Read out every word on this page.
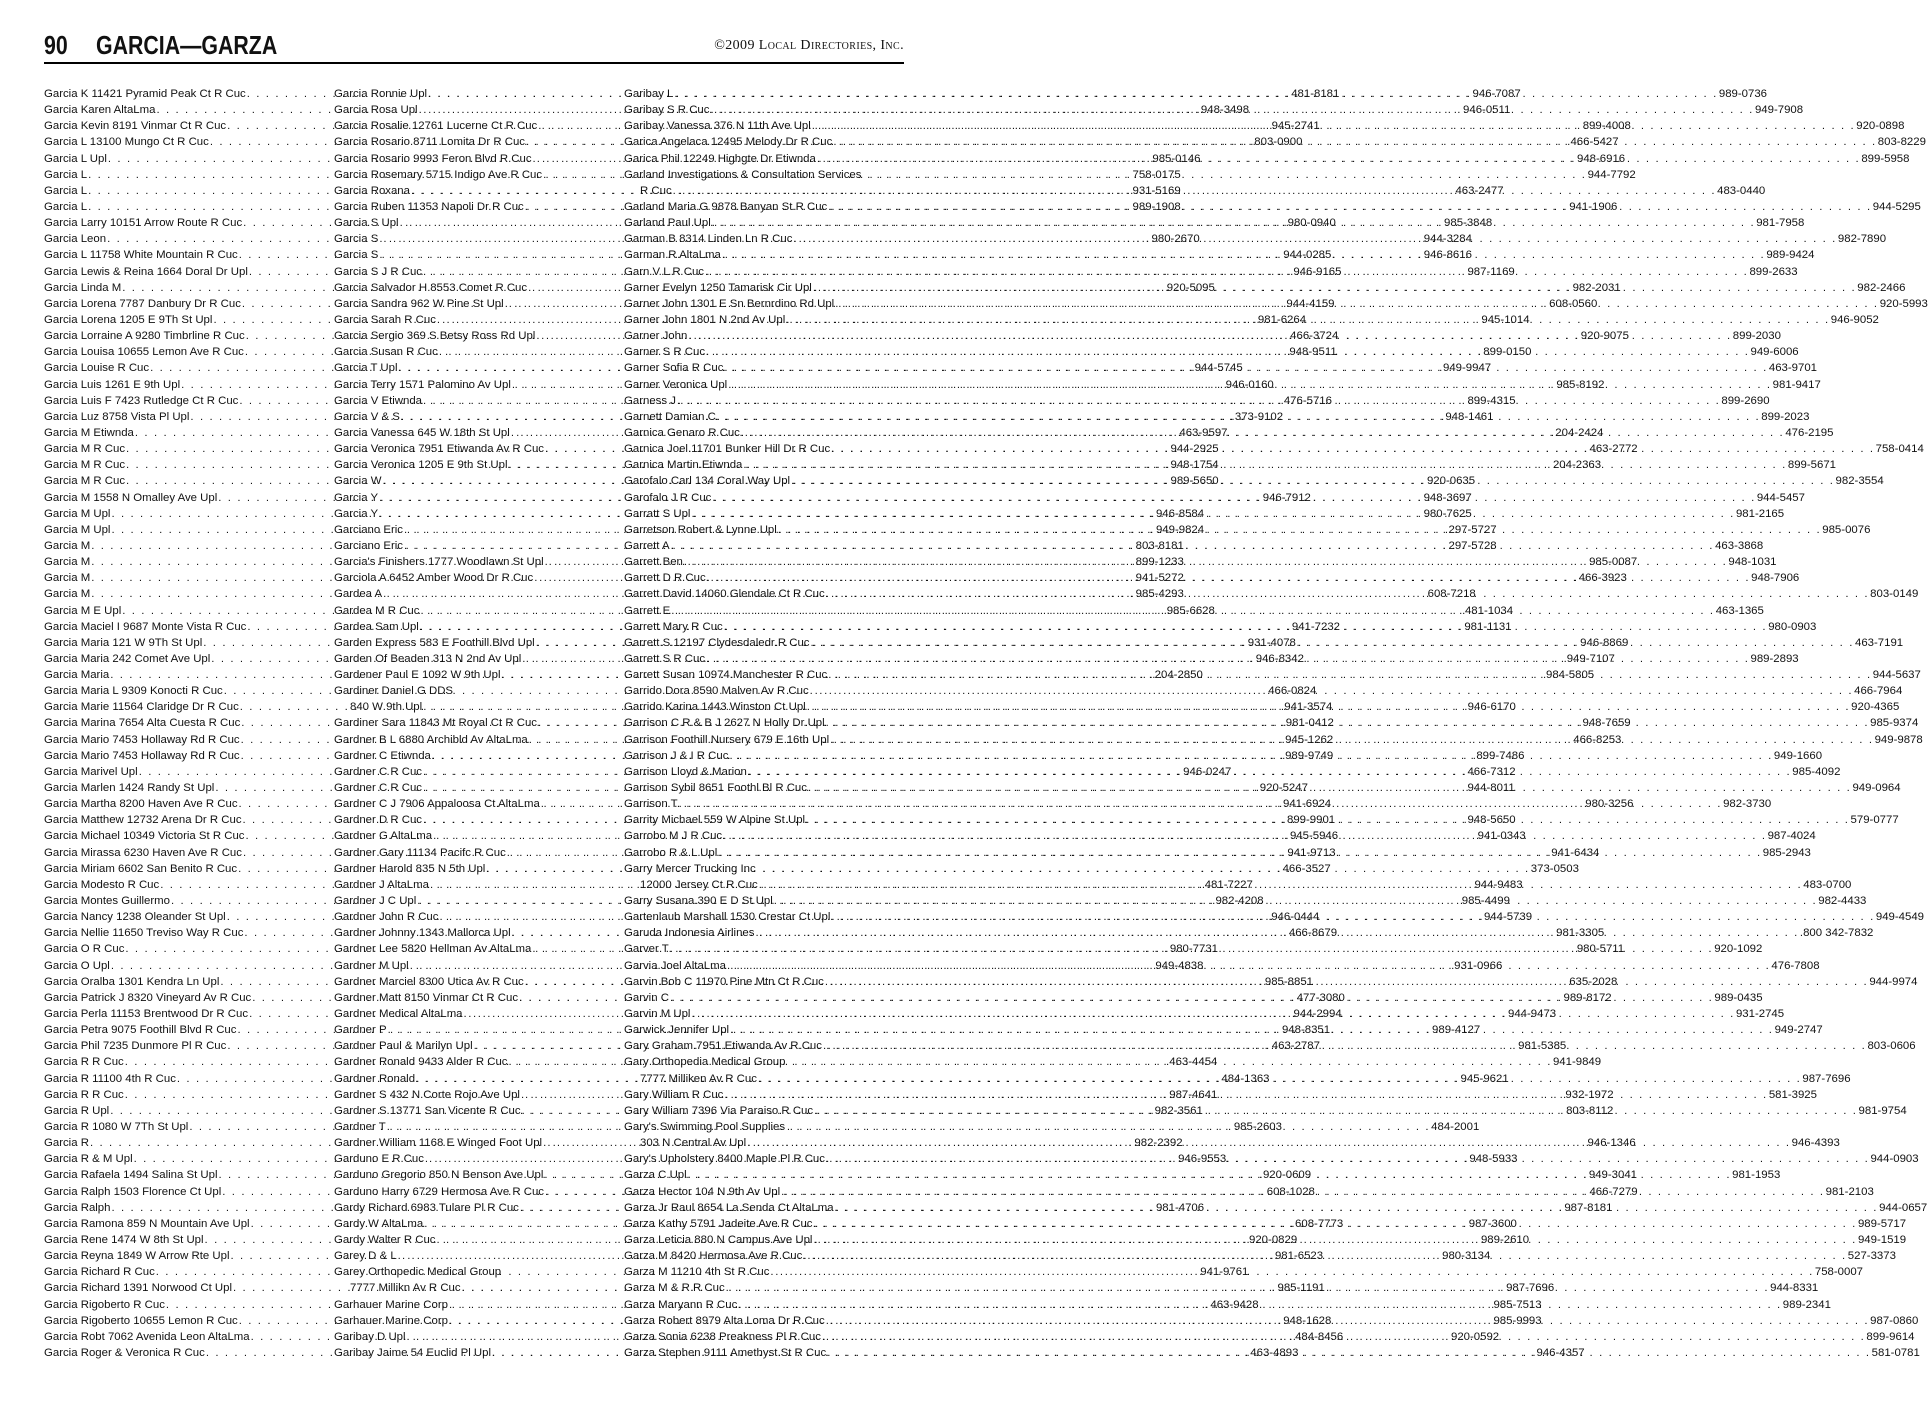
90 GARCIA—GARZA	©2009 Local Directories, Inc.
Garcia K 11421 Pyramid Peak Ct R Cuc . . .	481-8181
Garcia Karen AltaLma . . .	948-3498
Garcia Kevin 8191 Vinmar Ct R Cuc . . .	945-2741
Garcia L 13100 Mungo Ct R Cuc . . .	803-0900
Garcia L Upl . . .	985-0146
Garcia L . . .	758-0175
Garcia L . . .	931-5169
Garcia L . . .	989-1908
Garcia Larry 10151 Arrow Route R Cuc . . .	980-0940
Garcia Leon . . .	980-2670
Garcia L 11758 White Mountain R Cuc . . .	944-0285
Garcia Lewis & Reina 1664 Doral Dr Upl . . .	946-9165
Garcia Linda M . . .	920-5095
Garcia Lorena 7787 Danbury Dr R Cuc . . .	944-4159
Garcia Lorena 1205 E 9Th St Upl . . .	981-6264
Garcia Lorraine A 9280 Timbrline R Cuc . . .	466-3724
Garcia Louisa 10655 Lemon Ave R Cuc . . .	948-9511
Garcia Louise R Cuc . . .	944-5745
Garcia Luis 1261 E 9th Upl . . .	946-0160
Garcia Luis F 7423 Rutledge Ct R Cuc . . .	476-5716
Garcia Luz 8758 Vista Pl Upl . . .	373-9102
Garcia M Etiwnda . . .	463-9597
Garcia M R Cuc . . .	944-2925
Garcia M R Cuc . . .	948-1754
Garcia M R Cuc . . .	989-5650
Garcia M 1558 N Omalley Ave Upl . . .	946-7912
Garcia M Upl . . .	946-8584
Garcia M Upl . . .	949-9824
Garcia M . . .	803-8181
Garcia M . . .	899-1233
Garcia M . . .	941-5272
Garcia M . . .	985-4293
Garcia M E Upl . . .	985-6628
Garcia Maciel I 9687 Monte Vista R Cuc . . .	941-7232
Garcia Maria 121 W 9Th St Upl . . .	931-4078
Garcia Maria 242 Comet Ave Upl . . .	946-8342
Garcia Maria . . .	204-2850
Garcia Maria L 9309 Konocti R Cuc . . .	466-0824
Garcia Marie 11564 Claridge Dr R Cuc . . .	941-3574
Garcia Marina 7654 Alta Cuesta R Cuc . . .	981-0412
Garcia Mario 7453 Hollaway Rd R Cuc . . .	945-1262
Garcia Mario 7453 Hollaway Rd R Cuc . . .	989-9749
Garcia Marivel Upl . . .	946-0247
Garcia Marlen 1424 Randy St Upl . . .	920-5247
Garcia Martha 8200 Haven Ave R Cuc . . .	941-6924
Garcia Matthew 12732 Arena Dr R Cuc . . .	899-9901
Garcia Michael 10349 Victoria St R Cuc . . .	945-5946
Garcia Mirassa 6230 Haven Ave R Cuc . . .	941-9713
Garcia Miriam 6602 San Benito R Cuc . . .	466-3527
Garcia Modesto R Cuc . . .	481-7227
Garcia Montes Guillermo . . .	982-4208
Garcia Nancy 1238 Oleander St Upl . . .	946-0444
Garcia Nellie 11650 Treviso Way R Cuc . . .	466-8679
Garcia O R Cuc . . .	980-7731
Garcia O Upl . . .	949-4838
Garcia Oralba 1301 Kendra Ln Upl . . .	985-8851
Garcia Patrick J 8320 Vineyard Av R Cuc . . .	477-3080
Garcia Perla 11153 Brentwood Dr R Cuc . . .	944-2994
Garcia Petra 9075 Foothill Blvd R Cuc . . .	948-8351
Garcia Phil 7235 Dunmore Pl R Cuc . . .	463-2787
Garcia R R Cuc . . .	463-4454
Garcia R 11100 4th R Cuc . . .	484-1363
Garcia R R Cuc . . .	987-4641
Garcia R Upl . . .	982-3561
Garcia R 1080 W 7Th St Upl . . .	985-2603
Garcia R . . .	982-2392
Garcia R & M Upl . . .	946-9553
Garcia Rafaela 1494 Salina St Upl . . .	920-0609
Garcia Ralph 1503 Florence Ct Upl . . .	608-1028
Garcia Ralph . . .	981-4706
Garcia Ramona 859 N Mountain Ave Upl . . .	608-7773
Garcia Rene 1474 W 8th St Upl . . .	920-0829
Garcia Reyna 1849 W Arrow Rte Upl . . .	981-6523
Garcia Richard R Cuc . . .	941-9761
Garcia Richard 1391 Norwood Ct Upl . . .	985-1191
Garcia Rigoberto R Cuc . . .	463-9428
Garcia Rigoberto 10655 Lemon R Cuc . . .	948-1628
Garcia Robt 7062 Avenida Leon AltaLma . . .	484-8456
Garcia Roger & Veronica R Cuc . . .	463-4893
Garcia Ronnie Upl . . .	946-7087
Garcia Rosa Upl . . .	946-0511
Garcia Rosalie 12761 Lucerne Ct R Cuc . . .	899-4008
Garcia Rosario 8711 Lomita Dr R Cuc . . .	466-5427
Garcia Rosario 9993 Feron Blvd R Cuc . . .	948-6916
Garcia Rosemary 5715 Indigo Ave R Cuc . . .	944-7792
Garcia Roxana . . .	463-2477
Garcia Ruben 11353 Napoli Dr R Cuc . . .	941-1906
Garcia S Upl . . .	985-3848
Garcia S . . .	944-3284
Garcia S . . .	946-8616
Garcia S J R Cuc . . .	987-1169
Garcia Salvador H 8553 Comet R Cuc . . .	982-2031
Garcia Sandra 962 W Pine St Upl . . .	608-0560
Garcia Sarah R Cuc . . .	945-1014
Garcia Sergio 369 S Betsy Ross Rd Upl . . .	920-9075
Garcia Susan R Cuc . . .	899-0150
Garcia T Upl . . .	949-9947
Garcia Terry 1571 Palomino Av Upl . . .	985-8192
Garcia V Etiwnda . . .	899-4315
Garcia V & S . . .	948-1461
Garcia Vanessa 645 W 18th St Upl . . .	204-2424
Garcia Veronica 7951 Etiwanda Av R Cuc . . .	463-2772
Garcia Veronica 1205 E 9th St Upl . . .	204-2363
Garcia W . . .	920-0635
Garcia Y . . .	948-3697
Garcia Y . . .	980-7625
Garciano Eric . . .	297-5727
Garciano Eric . . .	297-5728
Garcia's Finishers 1777 Woodlawn St Upl . . .	985-0087
Garciola A 6452 Amber Wood Dr R Cuc . . .	466-3923
Gardea A . . .	608-7218
Gardea M R Cuc . . .	481-1034
Gardea Sam Upl . . .	981-1131
Garden Express 583 E Foothill Blvd Upl . . .	946-8869
Garden Of Beaden 313 N 2nd Av Upl . . .	949-7107
Gardener Paul E 1092 W 9th Upl . . .	984-5805
Gardiner Daniel G DDS
840 W 9th Upl . . .	946-6170
Gardiner Sara 11843 Mt Royal Ct R Cuc . . .	948-7659
Gardner B L 6880 Archibld Av AltaLma . . .	466-8253
Gardner C Etiwnda . . .	899-7486
Gardner C R Cuc . . .	466-7312
Gardner C R Cuc . . .	944-8011
Gardner C J 7906 Appaloosa Ct AltaLma . . .	980-3256
Gardner D R Cuc . . .	948-5650
Gardner G AltaLma . . .	941-0343
Gardner Gary 11134 Pacifc R Cuc . . .	941-6434
Gardner Harold 835 N 5th Upl . . .	373-0503
Gardner J AltaLma . . .	944-9483
Gardner J C Upl . . .	985-4499
Gardner John R Cuc . . .	944-5739
Gardner Johnny 1343 Mallorca Upl . . .	981-3305
Gardner Lee 5820 Hellman Av AltaLma . . .	980-5711
Gardner M Upl . . .	931-0966
Gardner Marciel 8300 Utica Av R Cuc . . .	635-2028
Gardner Matt 8150 Vinmar Ct R Cuc . . .	989-8172
Gardner Medical AltaLma . . .	944-9473
Gardner P . . .	989-4127
Gardner Paul & Marilyn Upl . . .	981-5385
Gardner Ronald 9433 Alder R Cuc . . .	941-9849
Gardner Ronald . . .	945-9621
Gardner S 432 N Corte Rojo Ave Upl . . .	932-1972
Gardner S 13771 San Vicente R Cuc . . .	803-8112
Gardner T . . .	484-2001
Gardner William 1168 E Winged Foot Upl . . .	946-1346
Garduno E R Cuc . . .	948-5933
Garduno Gregorio 850 N Benson Ave Upl . . .	949-3041
Garduno Harry 6729 Hermosa Ave R Cuc . . .	466-7279
Gardy Richard 6983 Tulare Pl R Cuc . . .	987-8181
Gardy W AltaLma . . .	987-3600
Gardy Walter R Cuc . . .	989-2610
Garey D & L . . .	980-3134
Garey Orthopedic Medical Group
7777 Millikn Av R Cuc . . .	987-7696
Garhauer Marine Corp . . .	985-7513
Garhauer Marine Corp . . .	985-9993
Garibay D Upl . . .	920-0592
Garibay Jaime 54 Euclid Pl Upl . . .	946-4357
Garibay L . . .	989-0736
Garibay S R Cuc . . .	949-7908
Garibay Vanessa 376 N 11th Ave Upl . . .	920-0898
Garica Angelaca 12495 Melody Dr R Cuc . . .	803-8229
Garica Phil 12249 Highgte Dr Etiwnda . . .	899-5958
Garland Investigations & Consultation Services
R Cuc . . .	483-0440
Garland Maria G 9878 Banyan St R Cuc . . .	944-5295
Garland Paul Upl . . .	981-7958
Garman B 8314 Linden Ln R Cuc . . .	982-7890
Garman R AltaLma . . .	989-9424
Garn V L R Cuc . . .	899-2633
Garner Evelyn 1250 Tamarisk Cir Upl . . .	982-2466
Garner John 1301 E Sn Bernrdino Rd Upl . . .	920-5993
Garner John 1801 N 2nd Av Upl . . .	946-9052
Garner John . . .	899-2030
Garner S R Cuc . . .	949-6006
Garner Sofia R Cuc . . .	463-9701
Garner Veronica Upl . . .	981-9417
Garness J . . .	899-2690
Garnett Damian C . . .	899-2023
Garnica Genaro R Cuc . . .	476-2195
Garnica Joel 11701 Bunker Hill Dr R Cuc . . .	758-0414
Garnica Martin Etiwnda . . .	899-5671
Garofalo Carl 134 Coral Way Upl . . .	982-3554
Garofalo J R Cuc . . .	944-5457
Garratt S Upl . . .	981-2165
Garretson Robert & Lynne Upl . . .	985-0076
Garrett A . . .	463-3868
Garrett Ben . . .	948-1031
Garrett D R Cuc . . .	948-7906
Garrett David 14060 Glendale Ct R Cuc . . .	803-0149
Garrett E . . .	463-1365
Garrett Mary R Cuc . . .	980-0903
Garrett S 12197 Clydesdaledr R Cuc . . .	463-7191
Garrett S R Cuc . . .	989-2893
Garrett Susan 10974 Manchester R Cuc . . .	944-5637
Garrido Dora 8590 Malven Av R Cuc . . .	466-7964
Garrido Karina 1443 Winston Ct Upl . . .	920-4365
Garrison C R & B J 2627 N Holly Dr Upl . . .	985-9374
Garrison Foothill Nursery 679 E 16th Upl . . .	949-9878
Garrison J & I R Cuc . . .	949-1660
Garrison Lloyd & Marion . . .	985-4092
Garrison Sybil 8651 Foothl Bl R Cuc . . .	949-0964
Garrison T . . .	982-3730
Garrity Michael 559 W Alpine St Upl . . .	579-0777
Garrobo M J R Cuc . . .	987-4024
Garrobo R & L Upl . . .	985-2943
Garry Mercer Trucking Inc
12000 Jersey Ct R Cuc . . .	483-0700
Garry Susana 390 E D St Upl . . .	982-4433
Gartenlaub Marshall 1530 Crestar Ct Upl . . .	949-4549
Garuda Indonesia Airlines . . .	.800 342-7832
Garver T . . .	920-1092
Garvia Joel AltaLma . . .	476-7808
Garvin Bob C 11970 Pine Mtn Ct R Cuc . . .	944-9974
Garvin C . . .	989-0435
Garvin M Upl . . .	931-2745
Garwick Jennifer Upl . . .	949-2747
Gary Graham 7951 Etiwanda Av R Cuc . . .	803-0606
Gary Orthopedia Medical Group
7777 Milliken Av R Cuc . . .	987-7696
Gary William R Cuc . . .	581-3925
Gary William 7396 Via Paraiso R Cuc . . .	981-9754
Gary's Swimming Pool Supplies
303 N Central Av Upl . . .	946-4393
Gary's Upholstery 8400 Maple Pl R Cuc . . .	944-0903
Garza C Upl . . .	981-1953
Garza Hector 104 N 9th Av Upl . . .	981-2103
Garza Jr Raul 8654 La Senda Ct AltaLma . . .	944-0657
Garza Kathy 5791 Jadeite Ave R Cuc . . .	989-5717
Garza Leticia 880 N Campus Ave Upl . . .	949-1519
Garza M 8420 Hermosa Ave R Cuc . . .	527-3373
Garza M 11210 4th St R Cuc . . .	758-0007
Garza M & R R Cuc . . .	944-8331
Garza Maryann R Cuc . . .	989-2341
Garza Robert 8979 Alta Loma Dr R Cuc . . .	987-0860
Garza Sonia 6238 Preakness Pl R Cuc . . .	899-9614
Garza Stephen 9111 Amethyst St R Cuc . . .	581-0781
